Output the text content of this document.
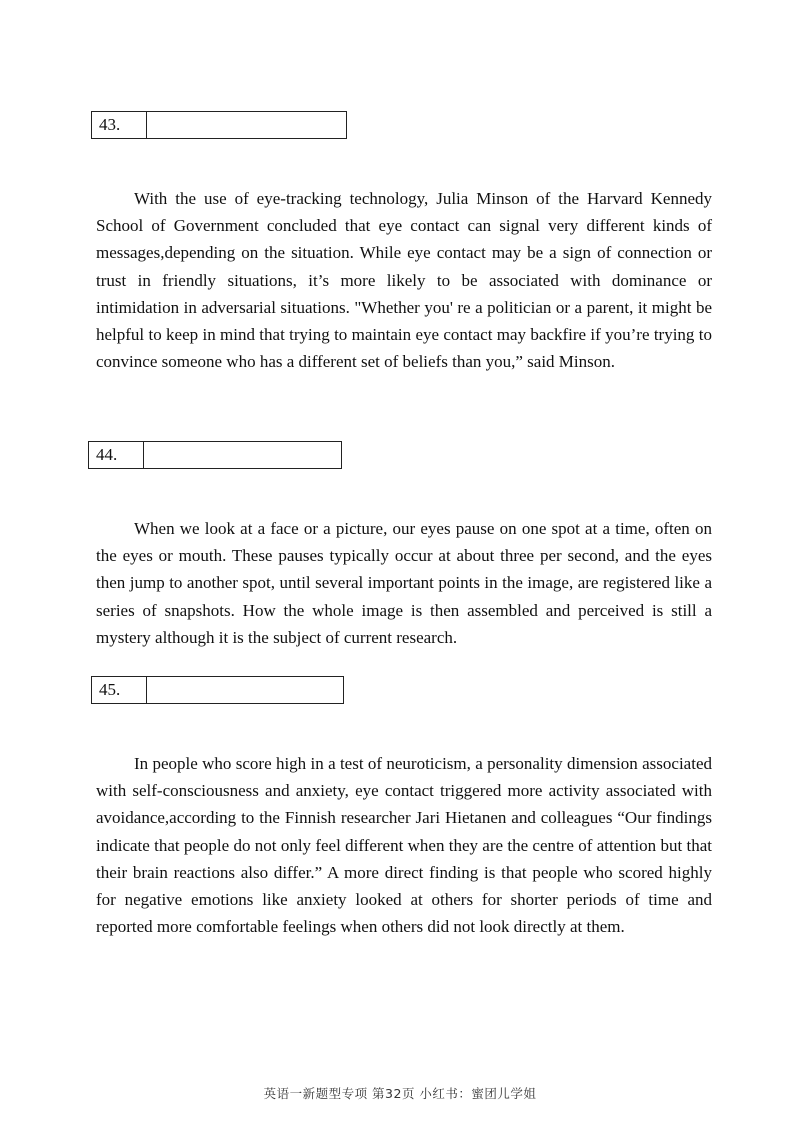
43.

With the use of eye-tracking technology, Julia Minson of the Harvard Kennedy School of Government concluded that eye contact can signal very different kinds of messages,depending on the situation. While eye contact may be a sign of connection or trust in friendly situations, it’s more likely to be associated with dominance or intimidation in adversarial situations. "Whether you' re a politician or a parent, it might be helpful to keep in mind that trying to maintain eye contact may backfire if you’re trying to convince someone who has a different set of beliefs than you,” said Minson.

44.

When we look at a face or a picture, our eyes pause on one spot at a time, often on the eyes or mouth. These pauses typically occur at about three per second, and the eyes then jump to another spot, until several important points in the image, are registered like a series of snapshots. How the whole image is then assembled and perceived is still a mystery although it is the subject of current research.

45.

In people who score high in a test of neuroticism, a personality dimension associated with self-consciousness and anxiety, eye contact triggered more activity associated with avoidance,according to the Finnish researcher Jari Hietanen and colleagues “Our findings indicate that people do not only feel different when they are the centre of attention but that their brain reactions also differ.” A more direct finding is that people who scored highly for negative emotions like anxiety looked at others for shorter periods of time and reported more comfortable feelings when others did not look directly at them.

英语一新题型专项 第32页 小红书：蜜团儿学姐
